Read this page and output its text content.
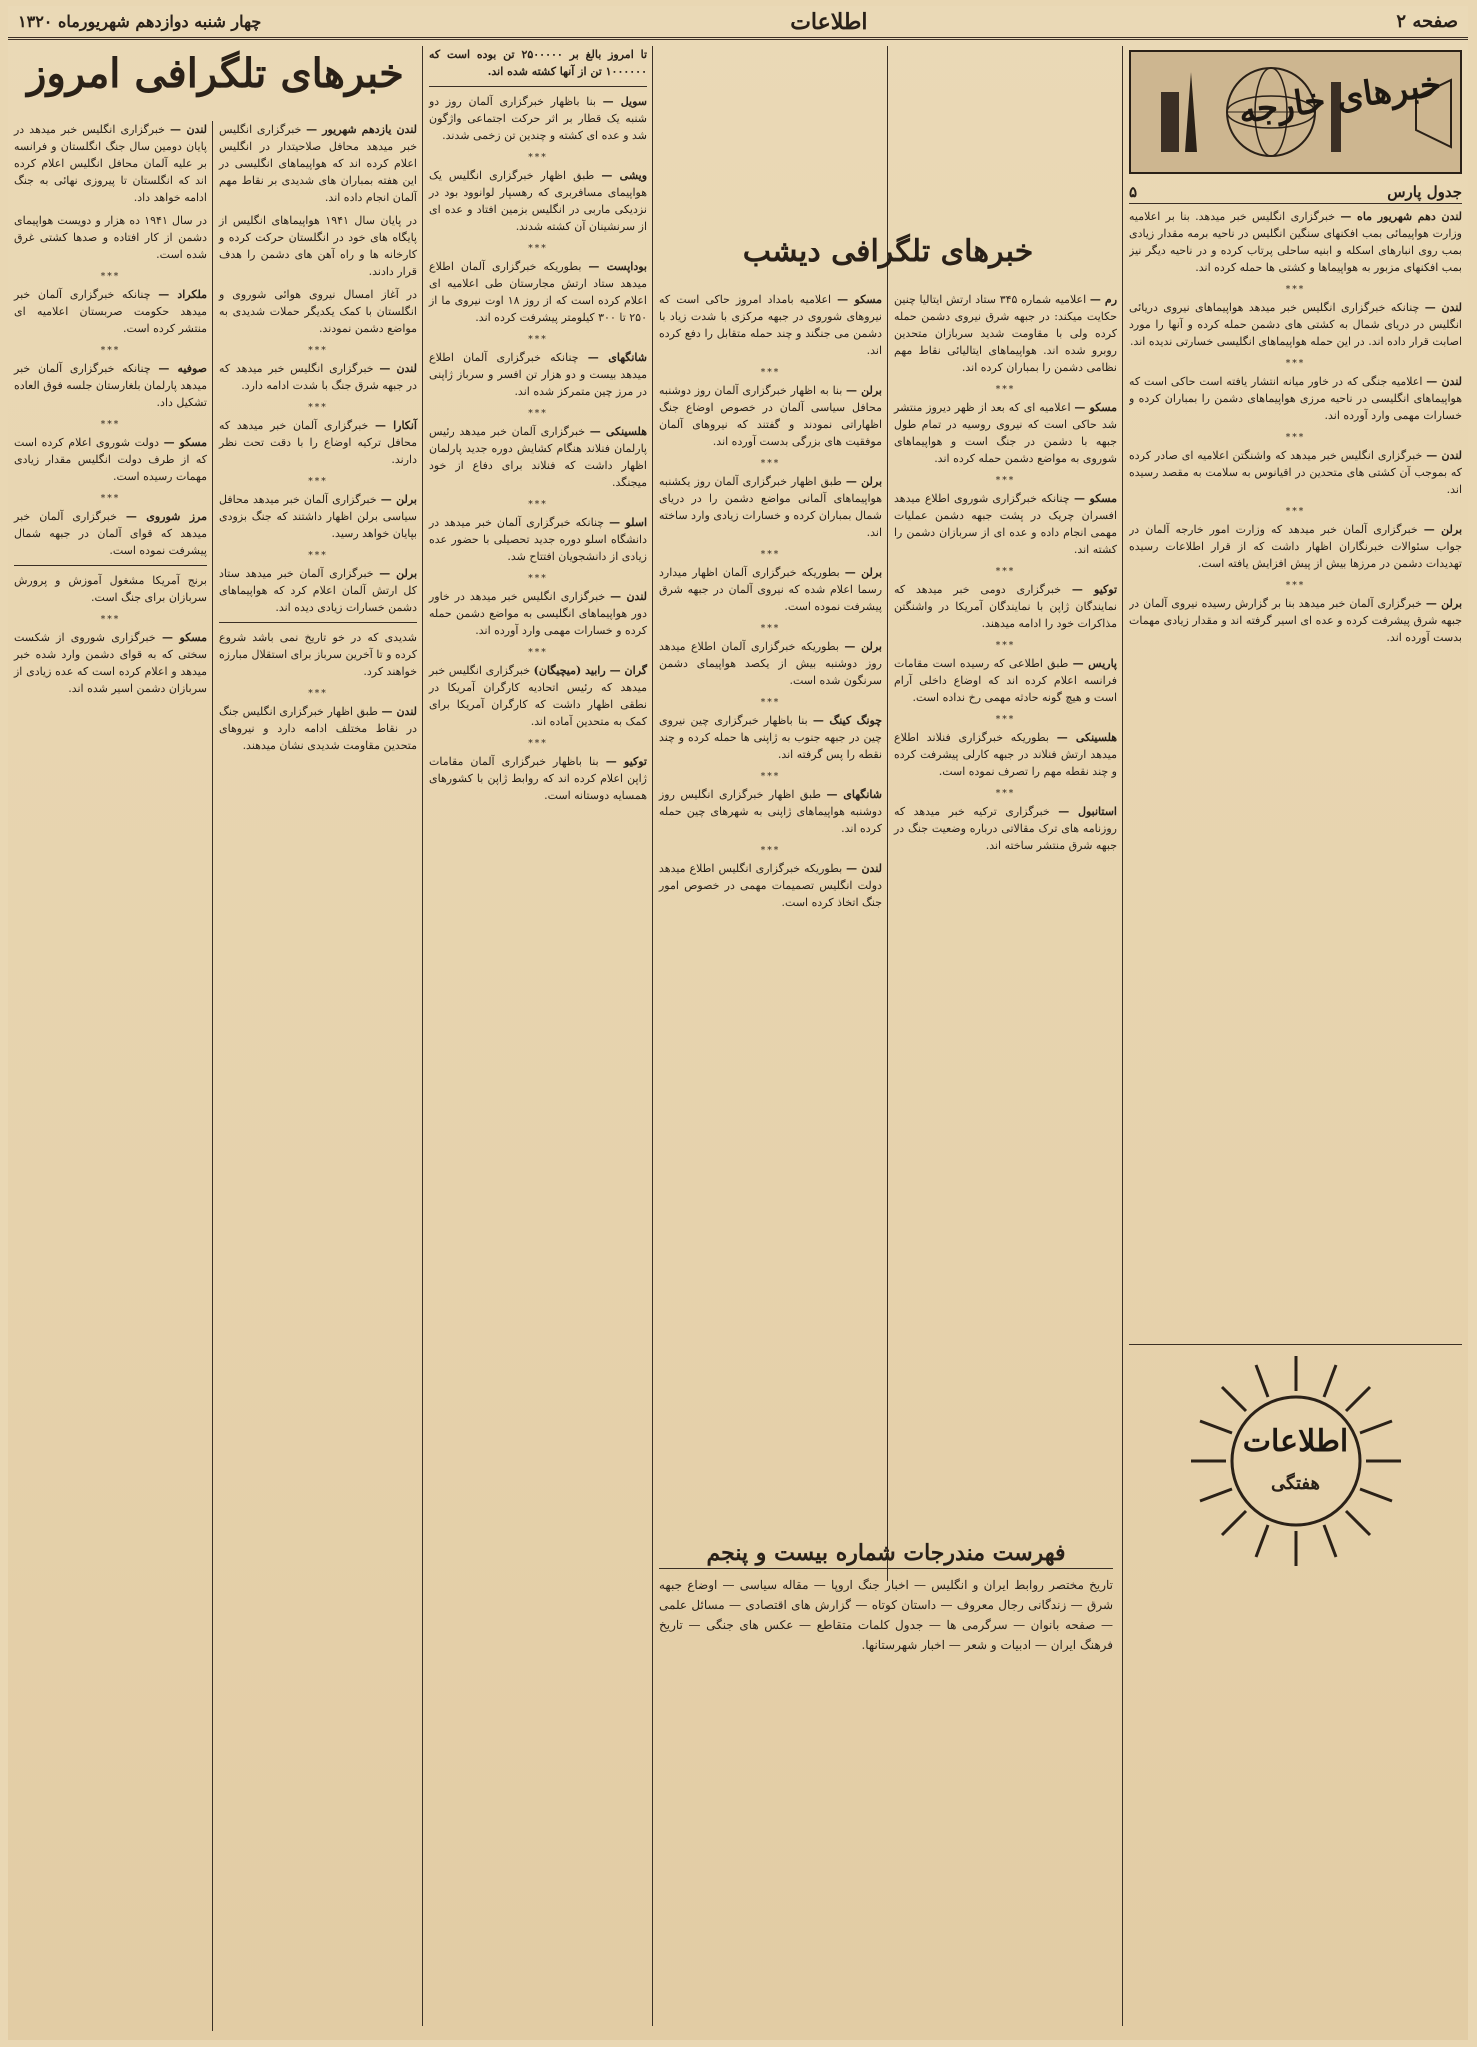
صفحه ۲
اطلاعات
چهار شنبه دوازدهم شهریورماه ۱۳۲۰
خبرهای خارجه
جدول پارس
۵

لندن دهم شهریور ماه — خبرگزاری انگلیس خبر میدهد. بنا بر اعلامیه وزارت هواپیمائی بمب افکنهای سنگین انگلیس در ناحیه برمه مقدار زیادی بمب روی انبارهای اسکله و ابنیه ساحلی پرتاب کرده و در ناحیه دیگر نیز بمب افکنهای مزبور به هواپیماها و کشتی ها حمله کرده اند.

***
لندن — چنانکه خبرگزاری انگلیس خبر میدهد هواپیماهای نیروی دریائی انگلیس در دریای شمال به کشتی های دشمن حمله کرده و آنها را مورد اصابت قرار داده اند. در این حمله هواپیماهای انگلیسی خسارتی ندیده اند.

***
لندن — اعلامیه جنگی که در خاور میانه انتشار یافته است حاکی است که هواپیماهای انگلیسی در ناحیه مرزی هواپیماهای دشمن را بمباران کرده و خسارات مهمی وارد آورده اند.

***
لندن — خبرگزاری انگلیس خبر میدهد که واشنگتن اعلامیه ای صادر کرده که بموجب آن کشتی های متحدین در اقیانوس به سلامت به مقصد رسیده اند.

***
برلن — خبرگزاری آلمان خبر میدهد که وزارت امور خارجه آلمان در جواب سئوالات خبرنگاران اظهار داشت که از قرار اطلاعات رسیده تهدیدات دشمن در مرزها بیش از پیش افزایش یافته است.

***
برلن — خبرگزاری آلمان خبر میدهد بنا بر گزارش رسیده نیروی آلمان در جبهه شرق پیشرفت کرده و عده ای اسیر گرفته اند و مقدار زیادی مهمات بدست آورده اند.

اطلاعات
هفتگی
فهرست مندرجات شماره بیست و پنجم

تاریخ مختصر روابط ایران و انگلیس — اخبار جنگ اروپا — مقاله سیاسی — اوضاع جبهه شرق — زندگانی رجال معروف — داستان کوتاه — گزارش های اقتصادی — مسائل علمی — صفحه بانوان — سرگرمی ها — جدول کلمات متقاطع — عکس های جنگی — تاریخ فرهنگ ایران — ادبیات و شعر — اخبار شهرستانها.

خبرهای تلگرافی دیشب

رم — اعلامیه شماره ۳۴۵ ستاد ارتش ایتالیا چنین حکایت میکند: در جبهه شرق نیروی دشمن حمله کرده ولی با مقاومت شدید سربازان متحدین روبرو شده اند. هواپیماهای ایتالیائی نقاط مهم نظامی دشمن را بمباران کرده اند.

***
مسکو — اعلامیه ای که بعد از ظهر دیروز منتشر شد حاکی است که نیروی روسیه در تمام طول جبهه با دشمن در جنگ است و هواپیماهای شوروی به مواضع دشمن حمله کرده اند.

***
مسکو — چنانکه خبرگزاری شوروی اطلاع میدهد افسران چریک در پشت جبهه دشمن عملیات مهمی انجام داده و عده ای از سربازان دشمن را کشته اند.

***
توکیو — خبرگزاری دومی خبر میدهد که نمایندگان ژاپن با نمایندگان آمریکا در واشنگتن مذاکرات خود را ادامه میدهند.

***
پاریس — طبق اطلاعی که رسیده است مقامات فرانسه اعلام کرده اند که اوضاع داخلی آرام است و هیچ گونه حادثه مهمی رخ نداده است.

***
هلسینکی — بطوریکه خبرگزاری فنلاند اطلاع میدهد ارتش فنلاند در جبهه کارلی پیشرفت کرده و چند نقطه مهم را تصرف نموده است.

***
استانبول — خبرگزاری ترکیه خبر میدهد که روزنامه های ترک مقالاتی درباره وضعیت جنگ در جبهه شرق منتشر ساخته اند.

مسکو — اعلامیه بامداد امروز حاکی است که نیروهای شوروی در جبهه مرکزی با شدت زیاد با دشمن می جنگند و چند حمله متقابل را دفع کرده اند.

***
برلن — بنا به اظهار خبرگزاری آلمان روز دوشنبه محافل سیاسی آلمان در خصوص اوضاع جنگ اظهاراتی نمودند و گفتند که نیروهای آلمان موفقیت های بزرگی بدست آورده اند.

***
برلن — طبق اظهار خبرگزاری آلمان روز یکشنبه هواپیماهای آلمانی مواضع دشمن را در دریای شمال بمباران کرده و خسارات زیادی وارد ساخته اند.

***
برلن — بطوریکه خبرگزاری آلمان اظهار میدارد رسما اعلام شده که نیروی آلمان در جبهه شرق پیشرفت نموده است.

***
برلن — بطوریکه خبرگزاری آلمان اطلاع میدهد روز دوشنبه بیش از یکصد هواپیمای دشمن سرنگون شده است.

***
چونگ کینگ — بنا باظهار خبرگزاری چین نیروی چین در جبهه جنوب به ژاپنی ها حمله کرده و چند نقطه را پس گرفته اند.

***
شانگهای — طبق اظهار خبرگزاری انگلیس روز دوشنبه هواپیماهای ژاپنی به شهرهای چین حمله کرده اند.

***
لندن — بطوریکه خبرگزاری انگلیس اطلاع میدهد دولت انگلیس تصمیمات مهمی در خصوص امور جنگ اتخاذ کرده است.

تا امروز بالغ بر ۲۵۰۰۰۰۰ تن بوده است که ۱۰۰۰۰۰۰ تن از آنها کشته شده اند.

سویل — بنا باظهار خبرگزاری آلمان روز دو شنبه یک قطار بر اثر حرکت اجتماعی واژگون شد و عده ای کشته و چندین تن زخمی شدند.

***
ویشی — طبق اظهار خبرگزاری انگلیس یک هواپیمای مسافربری که رهسپار لوانوود بود در نزدیکی ماربی در انگلیس بزمین افتاد و عده ای از سرنشینان آن کشته شدند.

***
بوداپست — بطوریکه خبرگزاری آلمان اطلاع میدهد ستاد ارتش مجارستان طی اعلامیه ای اعلام کرده است که از روز ۱۸ اوت نیروی ما از ۲۵۰ تا ۳۰۰ کیلومتر پیشرفت کرده اند.

***
شانگهای — چنانکه خبرگزاری آلمان اطلاع میدهد بیست و دو هزار تن افسر و سرباز ژاپنی در مرز چین متمرکز شده اند.

***
هلسینکی — خبرگزاری آلمان خبر میدهد رئیس پارلمان فنلاند هنگام کشایش دوره جدید پارلمان اظهار داشت که فنلاند برای دفاع از خود میجنگد.

***
اسلو — چنانکه خبرگزاری آلمان خبر میدهد در دانشگاه اسلو دوره جدید تحصیلی با حضور عده زیادی از دانشجویان افتتاح شد.

***
لندن — خبرگزاری انگلیس خبر میدهد در خاور دور هواپیماهای انگلیسی به مواضع دشمن حمله کرده و خسارات مهمی وارد آورده اند.

***
گران — رابید (میچیگان) خبرگزاری انگلیس خبر میدهد که رئیس اتحادیه کارگران آمریکا در نطقی اظهار داشت که کارگران آمریکا برای کمک به متحدین آماده اند.

***
توکیو — بنا باظهار خبرگزاری آلمان مقامات ژاپن اعلام کرده اند که روابط ژاپن با کشورهای همسایه دوستانه است.

خبرهای تلگرافی امروز

لندن یازدهم شهریور — خبرگزاری انگلیس خبر میدهد محافل صلاحیتدار در انگلیس اعلام کرده اند که هواپیماهای انگلیسی در این هفته بمباران های شدیدی بر نقاط مهم آلمان انجام داده اند.

در پایان سال ۱۹۴۱ هواپیماهای انگلیس از پایگاه های خود در انگلستان حرکت کرده و کارخانه ها و راه آهن های دشمن را هدف قرار دادند.

در آغاز امسال نیروی هوائی شوروی و انگلستان با کمک یکدیگر حملات شدیدی به مواضع دشمن نمودند.

***
لندن — خبرگزاری انگلیس خبر میدهد که در جبهه شرق جنگ با شدت ادامه دارد.

***
آنکارا — خبرگزاری آلمان خبر میدهد که محافل ترکیه اوضاع را با دقت تحت نظر دارند.

***
برلن — خبرگزاری آلمان خبر میدهد محافل سیاسی برلن اظهار داشتند که جنگ بزودی بپایان خواهد رسید.

***
برلن — خبرگزاری آلمان خبر میدهد ستاد کل ارتش آلمان اعلام کرد که هواپیماهای دشمن خسارات زیادی دیده اند.

شدیدی که در خو تاریخ نمی باشد شروع کرده و تا آخرین سرباز برای استقلال مبارزه خواهند کرد.

***
لندن — طبق اظهار خبرگزاری انگلیس جنگ در نقاط مختلف ادامه دارد و نیروهای متحدین مقاومت شدیدی نشان میدهند.

لندن — خبرگزاری انگلیس خبر میدهد در پایان دومین سال جنگ انگلستان و فرانسه بر علیه آلمان محافل انگلیس اعلام کرده اند که انگلستان تا پیروزی نهائی به جنگ ادامه خواهد داد.

در سال ۱۹۴۱ ده هزار و دویست هواپیمای دشمن از کار افتاده و صدها کشتی غرق شده است.

***
ملکراد — چنانکه خبرگزاری آلمان خبر میدهد حکومت صربستان اعلامیه ای منتشر کرده است.

***
صوفیه — چنانکه خبرگزاری آلمان خبر میدهد پارلمان بلغارستان جلسه فوق العاده تشکیل داد.

***
مسکو — دولت شوروی اعلام کرده است که از طرف دولت انگلیس مقدار زیادی مهمات رسیده است.

***
مرز شوروی — خبرگزاری آلمان خبر میدهد که قوای آلمان در جبهه شمال پیشرفت نموده است.

برنج آمریکا مشغول آموزش و پرورش سربازان برای جنگ است.

***
مسکو — خبرگزاری شوروی از شکست سختی که به قوای دشمن وارد شده خبر میدهد و اعلام کرده است که عده زیادی از سربازان دشمن اسیر شده اند.
